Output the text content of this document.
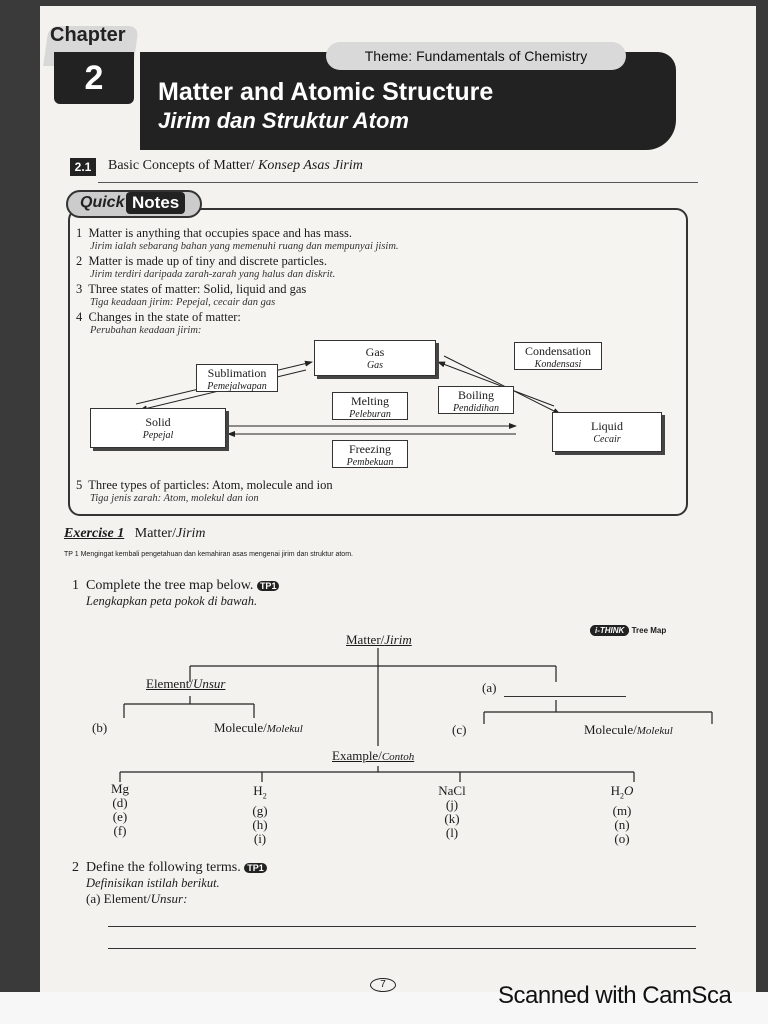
Chapter
2
Theme: Fundamentals of Chemistry
Matter and Atomic Structure
Jirim dan Struktur Atom
2.1	Basic Concepts of Matter/ Konsep Asas Jirim
Quick Notes
1 Matter is anything that occupies space and has mass.
Jirim ialah sebarang bahan yang memenuhi ruang dan mempunyai jisim.
2 Matter is made up of tiny and discrete particles.
Jirim terdiri daripada zarah-zarah yang halus dan diskrit.
3 Three states of matter: Solid, liquid and gas
Tiga keadaan jirim: Pepejal, cecair dan gas
4 Changes in the state of matter:
Perubahan keadaan jirim:
Gas
Gas
Solid
Pepejal
Liquid
Cecair
Sublimation
Pemejalwapan
Condensation
Kondensasi
Melting
Peleburan
Boiling
Pendidihan
Freezing
Pembekuan
5 Three types of particles: Atom, molecule and ion
Tiga jenis zarah: Atom, molekul dan ion
Exercise 1 Matter/Jirim
TP 1 Mengingat kembali pengetahuan dan kemahiran asas mengenai jirim dan struktur atom.
1 Complete the tree map below. TP1
Lengkapkan peta pokok di bawah.
i-THINK Tree Map
Matter/Jirim
Element/Unsur	(a)
(b)	Molecule/Molekul	(c)	Molecule/Molekul
Example/Contoh
Mg
(d)
(e)
(f)
$H_2$
(g)
(h)
(i)
NaCl
(j)
(k)
(l)
$H_2O$
(m)
(n)
(o)
2 Define the following terms. TP1
Definisikan istilah berikut.
(a) Element/Unsur:
7	Scanned with CamSca
